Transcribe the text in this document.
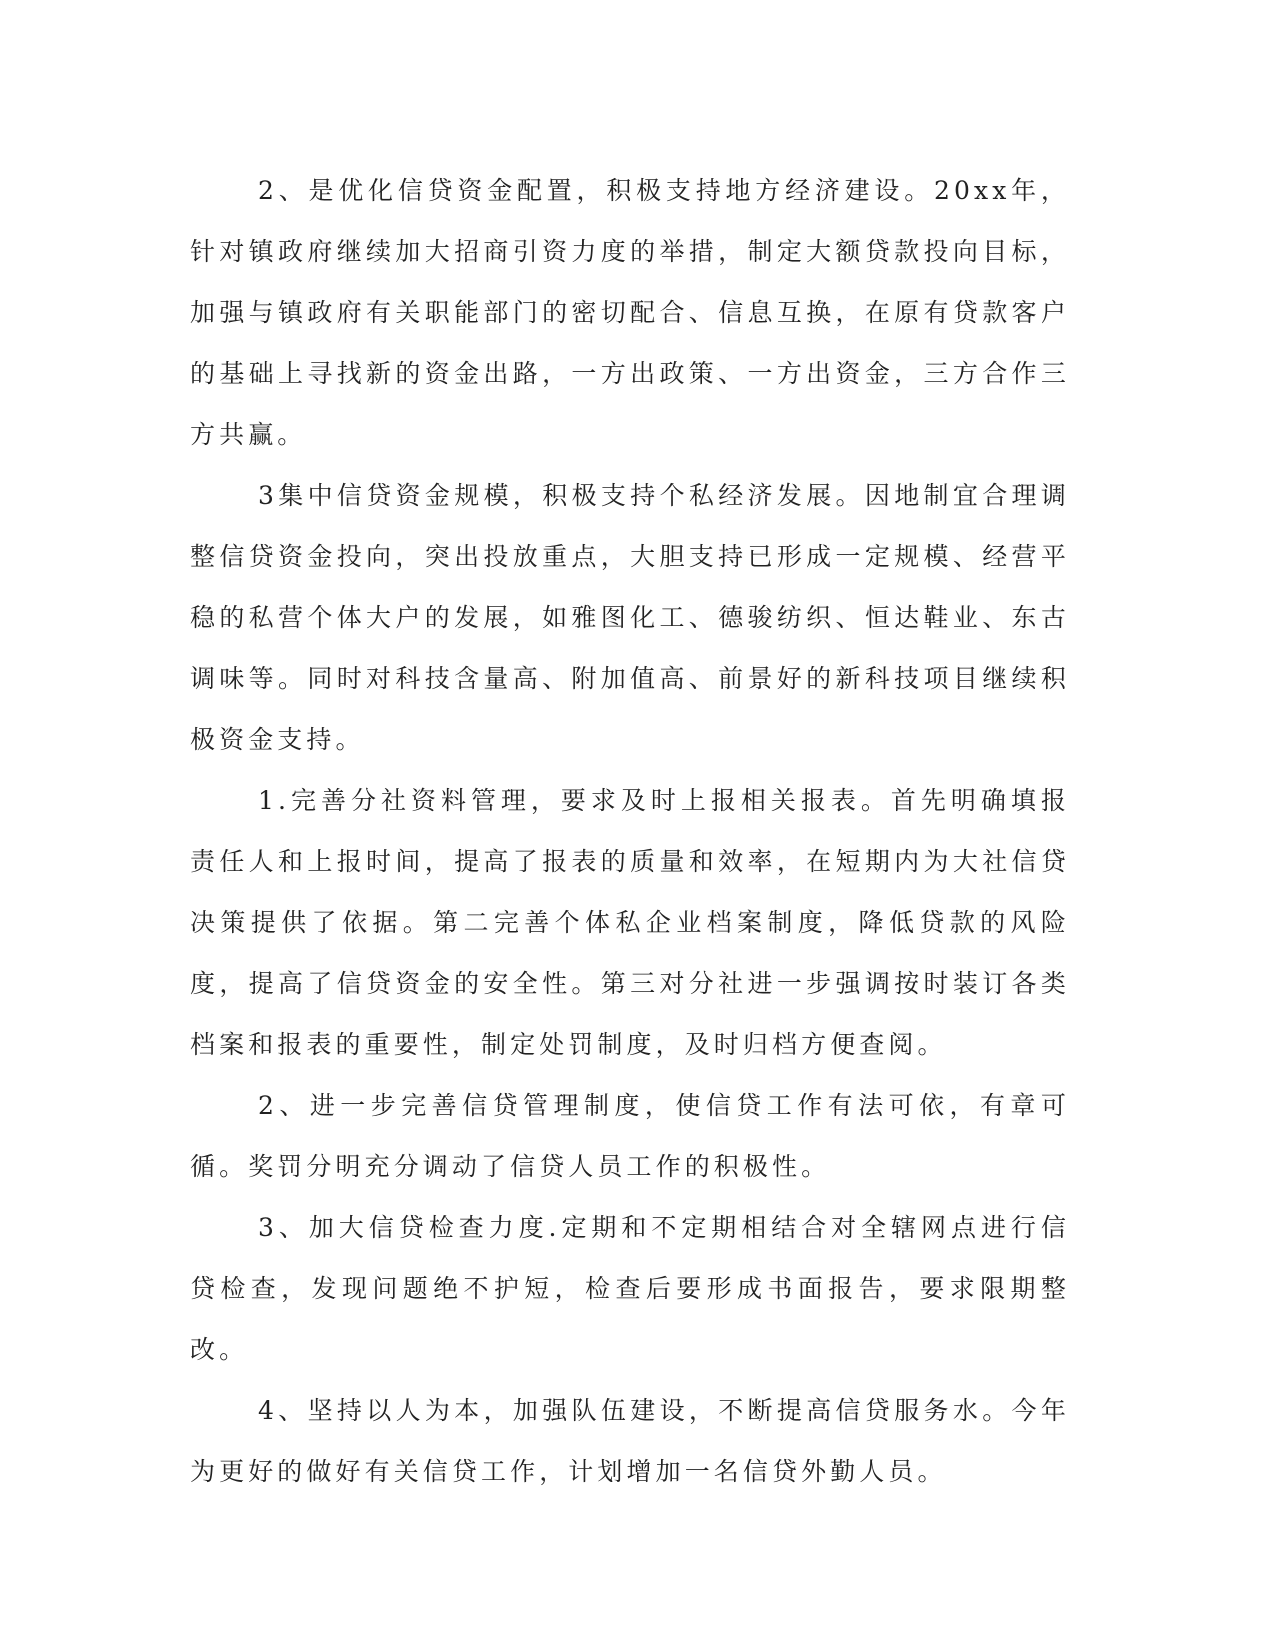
2、是优化信贷资金配置，积极支持地方经济建设。20xx年，针对镇政府继续加大招商引资力度的举措，制定大额贷款投向目标，加强与镇政府有关职能部门的密切配合、信息互换，在原有贷款客户的基础上寻找新的资金出路，一方出政策、一方出资金，三方合作三方共赢。

3集中信贷资金规模，积极支持个私经济发展。因地制宜合理调整信贷资金投向，突出投放重点，大胆支持已形成一定规模、经营平稳的私营个体大户的发展，如雅图化工、德骏纺织、恒达鞋业、东古调味等。同时对科技含量高、附加值高、前景好的新科技项目继续积极资金支持。

1.完善分社资料管理，要求及时上报相关报表。首先明确填报责任人和上报时间，提高了报表的质量和效率，在短期内为大社信贷决策提供了依据。第二完善个体私企业档案制度，降低贷款的风险度，提高了信贷资金的安全性。第三对分社进一步强调按时装订各类档案和报表的重要性，制定处罚制度，及时归档方便查阅。

2、进一步完善信贷管理制度，使信贷工作有法可依，有章可循。奖罚分明充分调动了信贷人员工作的积极性。

3、加大信贷检查力度.定期和不定期相结合对全辖网点进行信贷检查，发现问题绝不护短，检查后要形成书面报告，要求限期整改。

4、坚持以人为本，加强队伍建设，不断提高信贷服务水。今年为更好的做好有关信贷工作，计划增加一名信贷外勤人员。
